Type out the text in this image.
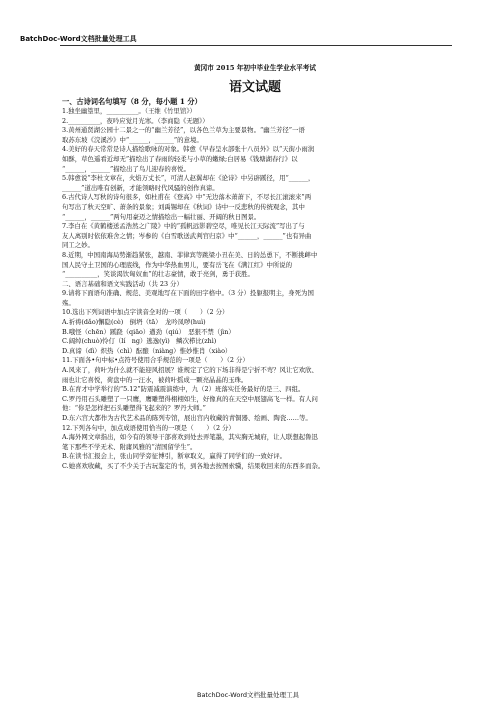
BatchDoc-Word文档批量处理工具
黄冈市 2015 年初中毕业生学业水平考试
语文试题
一、古诗词名句填写（8 分，每小题 1 分）
1.独坐幽篁里，__________。（王维《竹里馆》）
2.__________，夜吟应觉月光寒。（李商隐《无题》）
3.黄州通贤湖公园十二景之一的“幽兰芳径”，以各色兰草为主要景物。“幽兰芳径”一语
取苏东坡《浣溪沙》中“______，______”的意境。
4.美好的春天常常是诗人描绘歌咏的对象。韩愈《早春呈水部张十八员外》以“天街小雨润
如酥，草色遥看近却无”描绘出了春雨的轻柔与小草的嫩绿;白居易《钱塘湖春行》以
“______，______”描绘出了鸟儿迎春的喜悦。
5.韩愈说“李杜文章在，火焰万丈长”，可清人赵翼却在《论诗》中另辟蹊径，用“______，
______”道出唯有创新，才能领略时代风骚的创作真谛。
6.古代诗人写秋的诗句很多，如杜甫在《登高》中“无边落木萧萧下，不尽长江滚滚来”两
句写出了秋天空旷、萧条的景象；刘禹锡却在《秋词》诗中一反悲秋的传统观念，其中
“______，______”两句用豪迈之情描绘出一幅壮丽、开阔的秋日图景。
7.李白在《黄鹤楼送孟浩然之广陵》中的“孤帆远影碧空尽，唯见长江天际流”写出了与
友人离别时依依难舍之情；岑参的《白雪歌送武判官归京》中“______，______”也有异曲
同工之妙。
8.近期，中国南海局势渐趋紧张，越南、菲律宾等跳梁小丑在美、日的怂恿下，不断挑衅中
国人民守土卫国的心理底线，作为中华热血男儿，要有岳飞在《满江红》中所说的
“__________，笑谈渴饮匈奴血”的壮志豪情，敢于亮剑，勇于获胜。
二、语言基础和语文实践活动（共 23 分）
9.请将下面语句准确、规范、美观地写在下面的田字格中。（3 分）投躯报明主，身死为国
殇。
10.选出下列词语中加点字读音全对的一项（　　）（2 分）
A.祈祷(dǎo)懈隐(cè)　倒坍（tā）　龙吟凤哕(huì)
B.哦怪（chēn）蹊跷（qiāo）遒劲（qiú）　恶狠不禁（jìn）
C.阔绰(chuò)怜仃（lí　ng）逃逸(yì)　鳞次栉比(zhì)
D.真谛（dì）炽热（chì）酝酿（niàng）惟妙惟肖（xiào）
11.下面各•句中标•点符号使用合乎规范的一项是（　　）（2 分）
A.风来了，荷叶为什么就不能迎风招展？谁规定了它的下场非得是宁折不弯？风让它欢欣、
雨也让它喜悦，荷盘中的一汪水，被荷叶摇成一颗亮晶晶的玉珠。
B.在育才中学举行的“5.12”防震减震演练中，九（2）班落实任务最好的是三、四组。
C.罗丹用石头雕塑了一只鹰，鹰雕塑得栩栩如生，好像真的在天空中展翅高飞一样。有人问
他：“你是怎样把石头雕塑得飞起来的？罗丹大师。”
D.东六宫大都作为古代艺术品的陈列专馆，展出宫内收藏的青铜器、绘画、陶瓷……等。
12.下列各句中，加点成语使用恰当的一项是（　　）（2 分）
A.海外网文章指出，如今有的领导干部喜欢到处去弄笔墨，其实胸无城府，让人联想起鲁迅
笔下那些不学无术、附庸风雅的“清国留学生”。
B.在读书汇报会上，张山同学旁征博引，断章取义，赢得了同学们的一致好评。
C.她喜欢收藏，买了不少关于古玩鉴定的书，到各地去按图索骥，结果收回来的东西多而杂。
BatchDoc-Word文档批量处理工具
